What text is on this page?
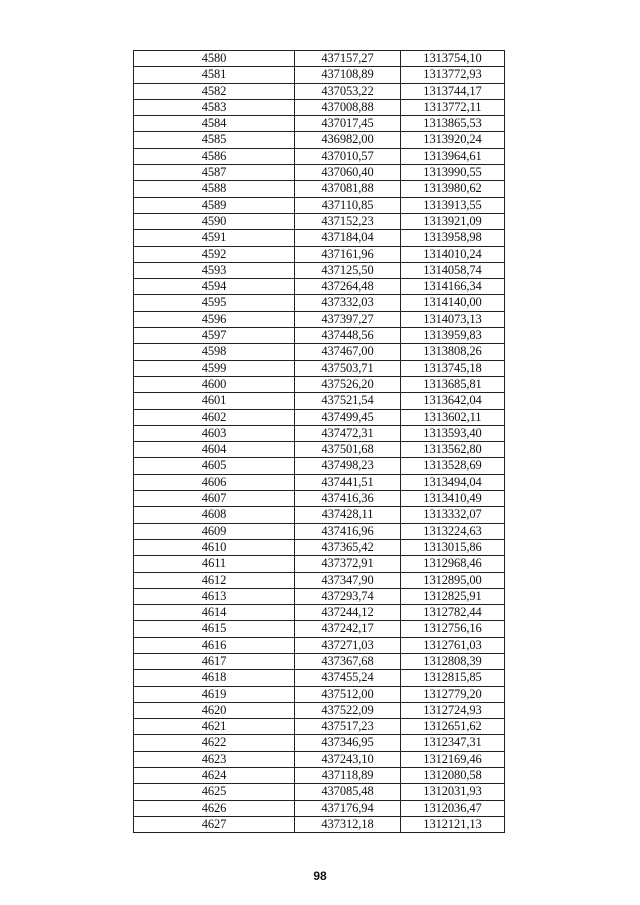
4580	437157,27	1313754,10
4581	437108,89	1313772,93
4582	437053,22	1313744,17
4583	437008,88	1313772,11
4584	437017,45	1313865,53
4585	436982,00	1313920,24
4586	437010,57	1313964,61
4587	437060,40	1313990,55
4588	437081,88	1313980,62
4589	437110,85	1313913,55
4590	437152,23	1313921,09
4591	437184,04	1313958,98
4592	437161,96	1314010,24
4593	437125,50	1314058,74
4594	437264,48	1314166,34
4595	437332,03	1314140,00
4596	437397,27	1314073,13
4597	437448,56	1313959,83
4598	437467,00	1313808,26
4599	437503,71	1313745,18
4600	437526,20	1313685,81
4601	437521,54	1313642,04
4602	437499,45	1313602,11
4603	437472,31	1313593,40
4604	437501,68	1313562,80
4605	437498,23	1313528,69
4606	437441,51	1313494,04
4607	437416,36	1313410,49
4608	437428,11	1313332,07
4609	437416,96	1313224,63
4610	437365,42	1313015,86
4611	437372,91	1312968,46
4612	437347,90	1312895,00
4613	437293,74	1312825,91
4614	437244,12	1312782,44
4615	437242,17	1312756,16
4616	437271,03	1312761,03
4617	437367,68	1312808,39
4618	437455,24	1312815,85
4619	437512,00	1312779,20
4620	437522,09	1312724,93
4621	437517,23	1312651,62
4622	437346,95	1312347,31
4623	437243,10	1312169,46
4624	437118,89	1312080,58
4625	437085,48	1312031,93
4626	437176,94	1312036,47
4627	437312,18	1312121,13
98
